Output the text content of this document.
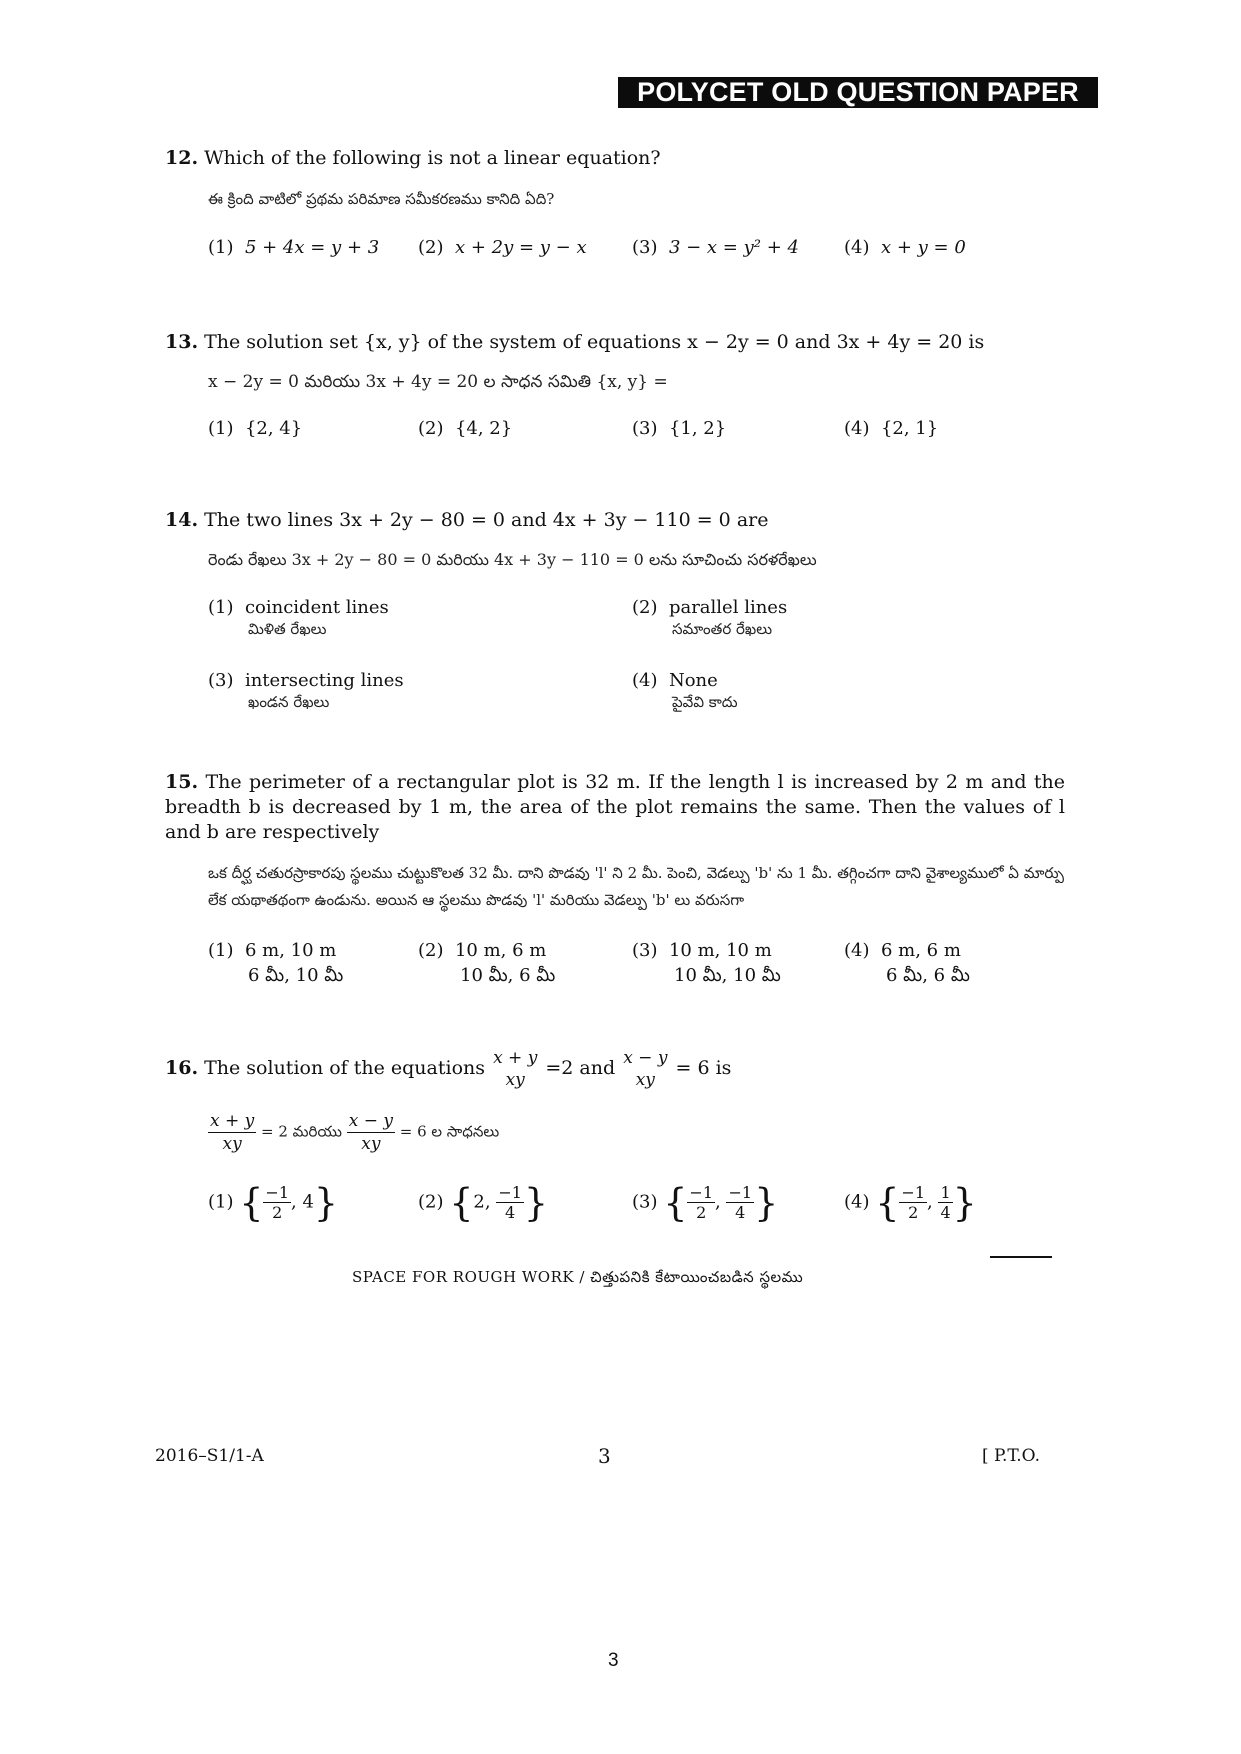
POLYCET OLD QUESTION PAPER
12. Which of the following is not a linear equation?
ఈ క్రింది వాటిలో ప్రథమ పరిమాణ సమీకరణము కానిది ఏది?
(1) 5 + 4x = y + 3 (2) x + 2y = y − x	(3) 3 − x = y² + 4	(4) x + y = 0
13. The solution set {x, y} of the system of equations x − 2y = 0 and 3x + 4y = 20 is
x − 2y = 0 మరియు 3x + 4y = 20 ల సాధన సమితి {x, y} =
(1) {2, 4}	(2) {4, 2}	(3) {1, 2}	(4) {2, 1}
14. The two lines 3x + 2y − 80 = 0 and 4x + 3y − 110 = 0 are
రెండు రేఖలు 3x + 2y − 80 = 0 మరియు 4x + 3y − 110 = 0 లను సూచించు సరళరేఖలు
(1) coincident lines
మిళిత రేఖలు
(2) parallel lines
సమాంతర రేఖలు
(3) intersecting lines
ఖండన రేఖలు
(4) None
పైవేవి కాదు
15. The perimeter of a rectangular plot is 32 m. If the length l is increased by 2 m and the breadth b is decreased by 1 m, the area of the plot remains the same. Then the values of l and b are respectively
ఒక దీర్ఘ చతురస్రాకారపు స్థలము చుట్టుకొలత 32 మీ. దాని పొడవు 'l' ని 2 మీ. పెంచి, వెడల్పు 'b' ను 1 మీ. తగ్గించగా దాని వైశాల్యములో ఏ మార్పు లేక యథాతథంగా ఉండును. అయిన ఆ స్థలము పొడవు 'l' మరియు వెడల్పు 'b' లు వరుసగా
(1) 6 m, 10 m
6 మీ, 10 మీ
(2) 10 m, 6 m
10 మీ, 6 మీ
(3) 10 m, 10 m
10 మీ, 10 మీ
(4) 6 m, 6 m
6 మీ, 6 మీ
16. The solution of the equations x + y
xy
=2 and x − y
xy
= 6 is
$\frac{x + y}{xy} = 2$ మరియు $\frac{x - y}{xy} = 6$ ల సాధనలు
(1) { $\frac{-1}{2}$ , 4}	(2) {2, $\frac{-1}{4}$ }	(3) { $\frac{-1}{2}$ , $\frac{-1}{4}$ }	(4) { $\frac{-1}{2}$ , $\frac{1}{4}$ }
SPACE FOR ROUGH WORK / చిత్తుపనికి కేటాయించబడిన స్థలము
2016–S1/1-A	3	[ P.T.O.
3
